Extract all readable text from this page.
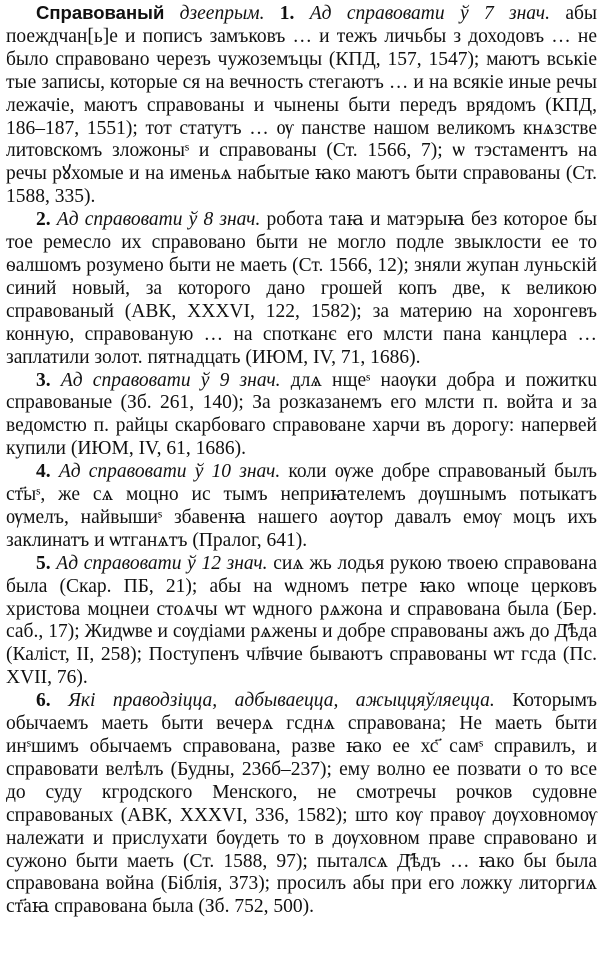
Справованый дзеепрым. 1. Ад справовати ў 7 знач. абы поеждчан[ь]е и пописъ замъковъ … и тежъ личьбы з доходовъ … не было справовано черезъ чужоземъцы (КПД, 157, 1547); маютъ вськіе тые записы, которые ся на вечность стегаютъ … и на всякіе иные речы лежачіе, маютъ справованы и чынены быти передъ врядомъ (КПД, 186–187, 1551); тот статутъ … ѹ панстве нашом великомъ кнѧзстве литовскомъ зложоныˢ и справованы (Ст. 1566, 7); ѡ тэстаментъ на речы рꙋхомые и на именьѧ набытые ꙗко маютъ быти справованы (Ст. 1588, 335).

2. Ад справовати ў 8 знач. робота таꙗ и матэрыꙗ без которое бы тое ремесло их справовано быти не могло подле звыклости ее то ѳалшомъ розумено быти не маеть (Ст. 1566, 12); зняли жупан луньскій синий новый, за которого дано грошей копъ две, к великою справованый (АВК, XXXVI, 122, 1582); за материю на хоронгевъ конную, справованую … на спотканє его млсти пана канцлера … заплатили золот. пятнадцать (ИЮМ, IV, 71, 1686).

3. Ад справовати ў 9 знач. длѧ нщеˢ наѹки добра и пожиткu справованые (Зб. 261, 140); За розказанемъ его млсти п. войта и за ведомстю п. райцы скарбоваго справоване харчи въ дорогу: напервей купили (ИЮМ, IV, 61, 1686).

4. Ад справовати ў 10 знач. коли ѹже добре справованый былъ ст҃ыˢ, же сѧ моцно ис тымъ неприꙗтелемъ дѹшнымъ потыкатъ ѹмелъ, найвышиˢ збавенꙗ нашего аѹтор давалъ емѹ моцъ ихъ заклинатъ и ѡтганѧтъ (Пралог, 641).

5. Ад справовати ў 12 знач. сиѧ жь лодья рукою твоею справована была (Скар. ПБ, 21); абы на ѡдномъ петре ꙗко ѡпоце церковъ христова моцнеи стоѧчы ѡт ѡдного рѧжона и справована была (Бер. саб., 17); Жидѡве и сѹдіами рѧжены и добре справованы ажъ до Д҃ѣда (Каліст, II, 258); Поступенъ чл҃вчие бываютъ справованы ѡт гсда (Пс. XVII, 76).

6. Які праводзіцца, адбываецца, ажыццяўляецца. Которымъ обычаемъ маеть быти вечерѧ гсднѧ справована; Не маеть быти инˢшимъ обычаемъ справована, разве ꙗко ее хс҃ самˢ справилъ, и справовати велѣлъ (Будны, 236б–237); ему волно ее позвати о то все до суду кгродского Менского, не смотречы рочков судовне справованых (АВК, XXXVI, 336, 1582); што кѹ правѹ дѹховномѹ належати и прислухати бѹдеть то в дѹховном праве справовано и сужоно быти маеть (Ст. 1588, 97); пыталсѧ Д҃ѣдъ … ꙗко бы была справована война (Біблія, 373); просилъ абы при его ложку литоргиѧ ст҃аꙗ справована была (Зб. 752, 500).
